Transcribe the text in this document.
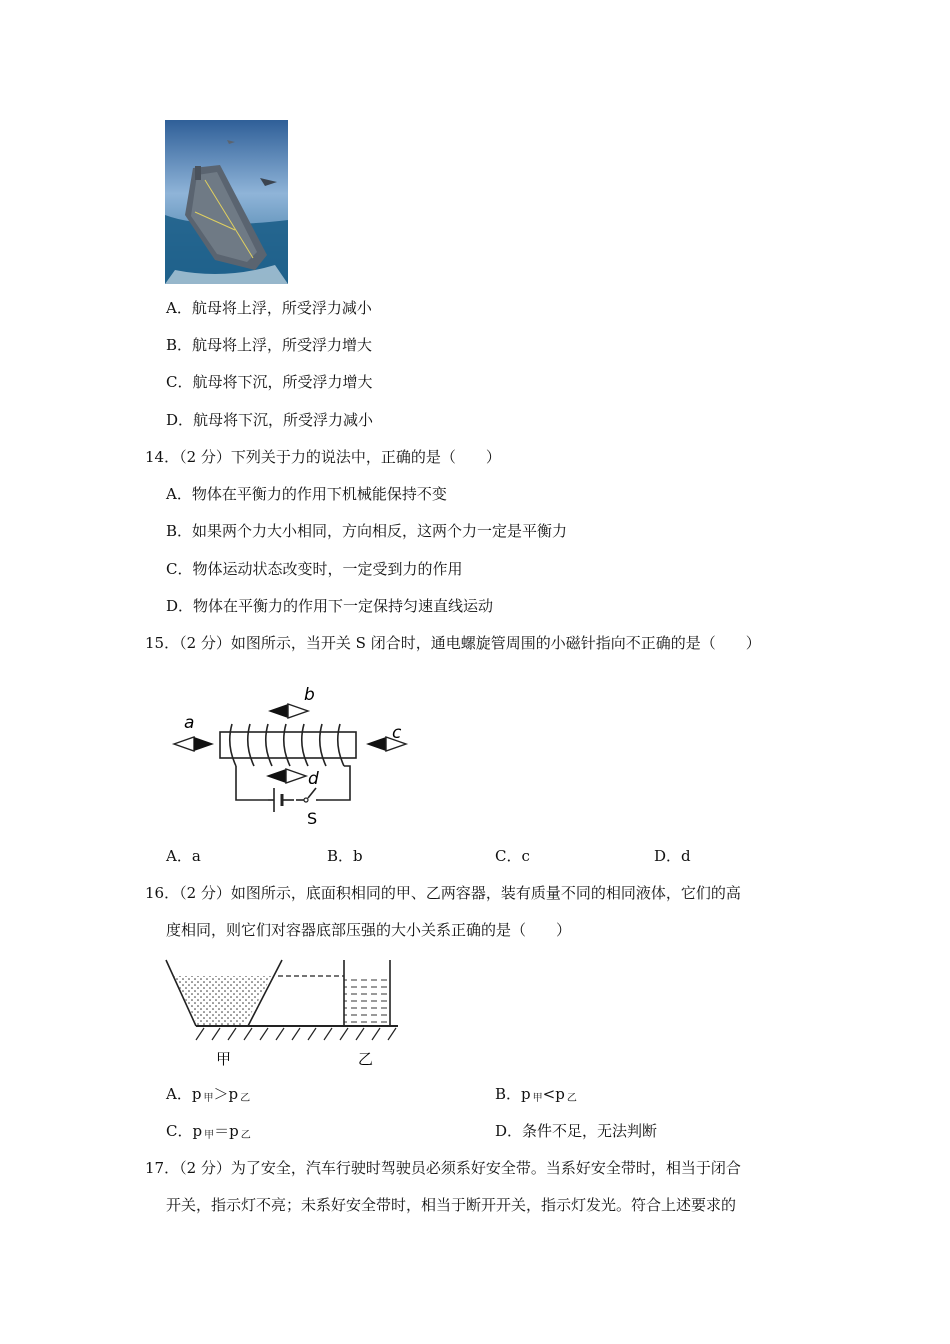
A．航母将上浮，所受浮力减小
B．航母将上浮，所受浮力增大
C．航母将下沉，所受浮力增大
D．航母将下沉，所受浮力减小
14．（2 分）下列关于力的说法中，正确的是（　　）
A．物体在平衡力的作用下机械能保持不变
B．如果两个力大小相同，方向相反，这两个力一定是平衡力
C．物体运动状态改变时，一定受到力的作用
D．物体在平衡力的作用下一定保持匀速直线运动
15．（2 分）如图所示，当开关 S 闭合时，通电螺旋管周围的小磁针指向不正确的是（　　）
a
b
c
d
S
A．a	B．b	C．c	D．d
16．（2 分）如图所示，底面积相同的甲、乙两容器，装有质量不同的相同液体，它们的高
度相同，则它们对容器底部压强的大小关系正确的是（　　）
甲	乙
A．p $_甲$＞p $_乙$	B．p $_甲$<p $_乙$
C．p $_甲$＝p $_乙$	D．条件不足，无法判断
17．（2 分）为了安全，汽车行驶时驾驶员必须系好安全带。当系好安全带时，相当于闭合
开关，指示灯不亮；未系好安全带时，相当于断开开关，指示灯发光。符合上述要求的
